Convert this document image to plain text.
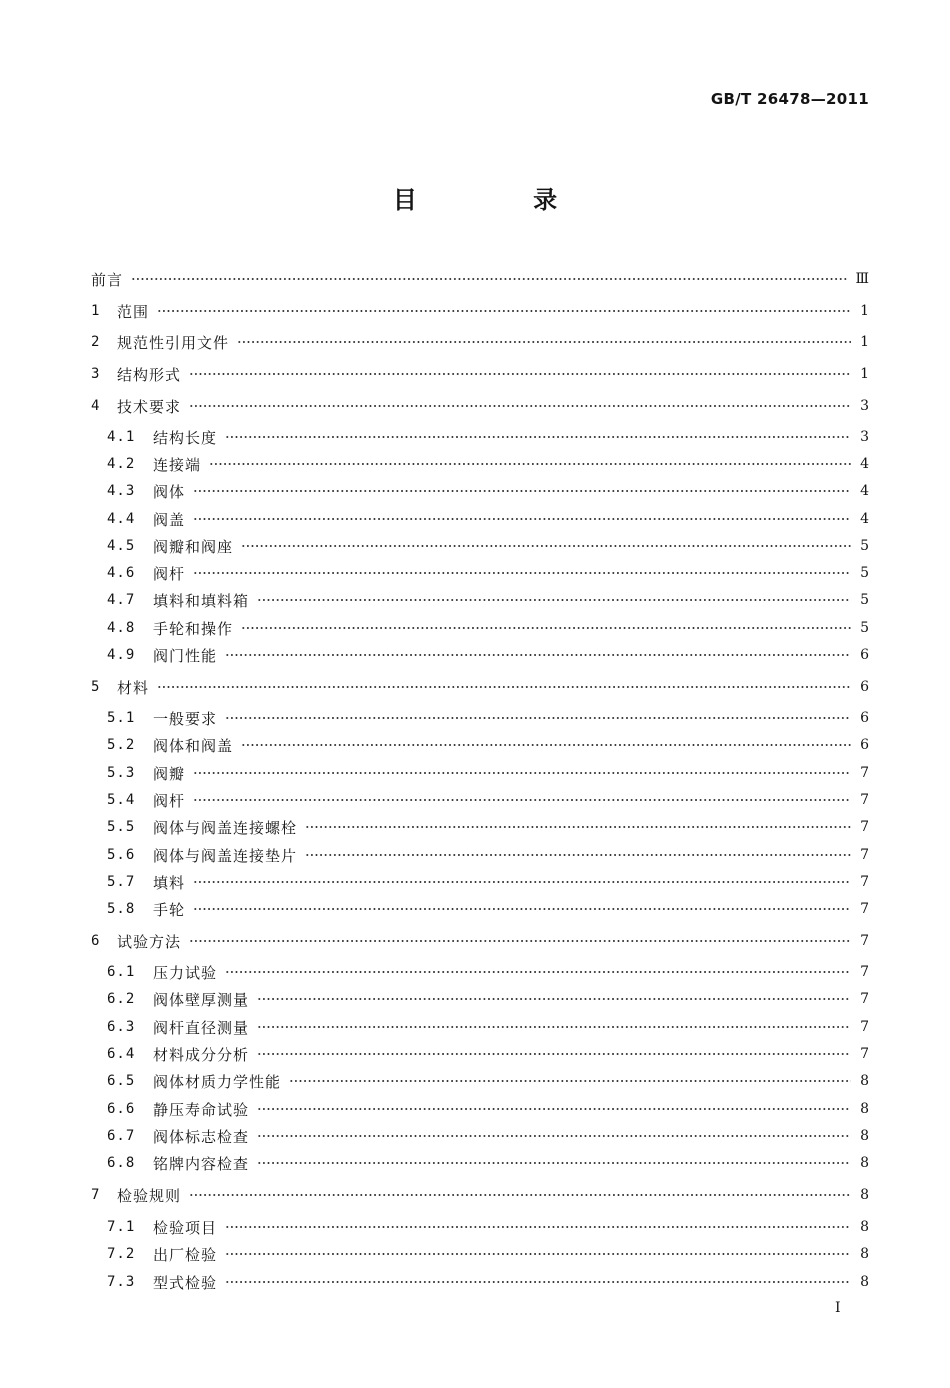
GB/T 26478—2011
目 录
前言	Ⅲ
1	范围	1
2	规范性引用文件	1
3	结构形式	1
4	技术要求	3
4.1	结构长度	3
4.2	连接端	4
4.3	阀体	4
4.4	阀盖	4
4.5	阀瓣和阀座	5
4.6	阀杆	5
4.7	填料和填料箱	5
4.8	手轮和操作	5
4.9	阀门性能	6
5	材料	6
5.1	一般要求	6
5.2	阀体和阀盖	6
5.3	阀瓣	7
5.4	阀杆	7
5.5	阀体与阀盖连接螺栓	7
5.6	阀体与阀盖连接垫片	7
5.7	填料	7
5.8	手轮	7
6	试验方法	7
6.1	压力试验	7
6.2	阀体壁厚测量	7
6.3	阀杆直径测量	7
6.4	材料成分分析	7
6.5	阀体材质力学性能	8
6.6	静压寿命试验	8
6.7	阀体标志检查	8
6.8	铭牌内容检查	8
7	检验规则	8
7.1	检验项目	8
7.2	出厂检验	8
7.3	型式检验	8
I
